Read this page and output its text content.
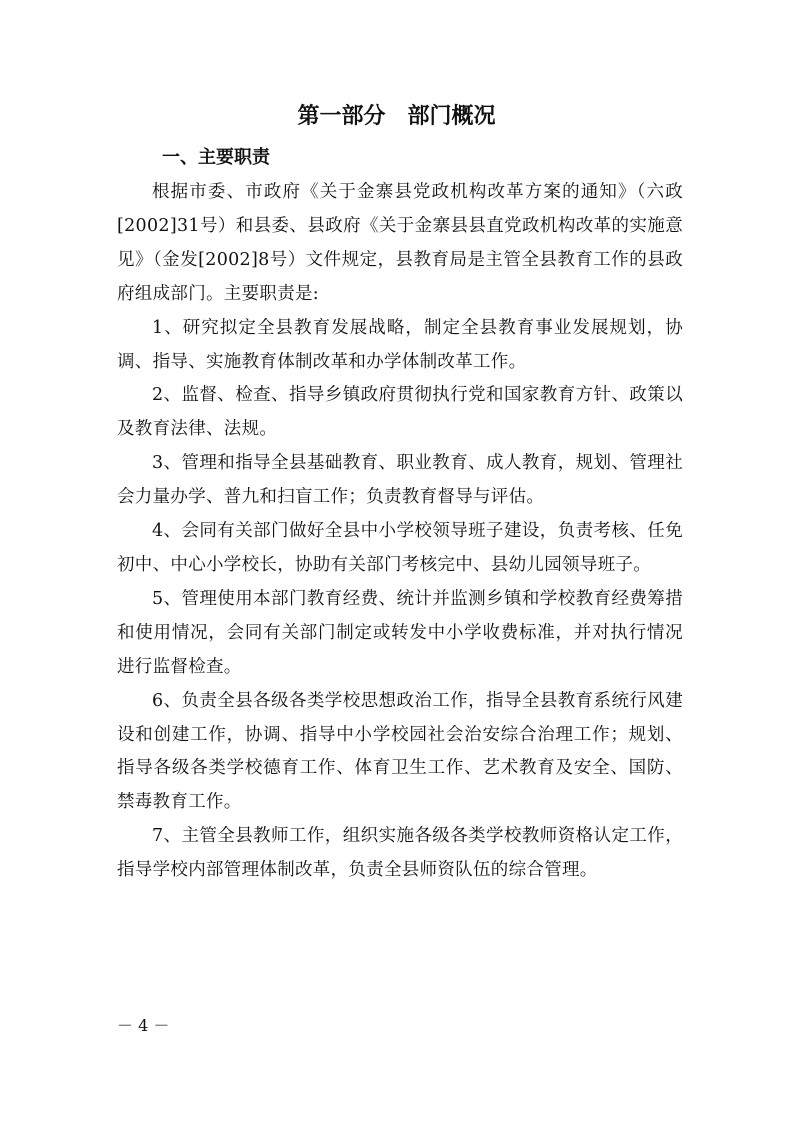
第一部分　部门概况
一、主要职责

根据市委、市政府《关于金寨县党政机构改革方案的通知》（六政[2002]31号）和县委、县政府《关于金寨县县直党政机构改革的实施意见》（金发[2002]8号）文件规定，县教育局是主管全县教育工作的县政府组成部门。主要职责是:

1、研究拟定全县教育发展战略，制定全县教育事业发展规划，协调、指导、实施教育体制改革和办学体制改革工作。

2、监督、检查、指导乡镇政府贯彻执行党和国家教育方针、政策以及教育法律、法规。

3、管理和指导全县基础教育、职业教育、成人教育，规划、管理社会力量办学、普九和扫盲工作；负责教育督导与评估。

4、会同有关部门做好全县中小学校领导班子建设，负责考核、任免初中、中心小学校长，协助有关部门考核完中、县幼儿园领导班子。

5、管理使用本部门教育经费、统计并监测乡镇和学校教育经费筹措和使用情况，会同有关部门制定或转发中小学收费标准，并对执行情况进行监督检查。

6、负责全县各级各类学校思想政治工作，指导全县教育系统行风建设和创建工作，协调、指导中小学校园社会治安综合治理工作；规划、指导各级各类学校德育工作、体育卫生工作、艺术教育及安全、国防、禁毒教育工作。

7、主管全县教师工作，组织实施各级各类学校教师资格认定工作，指导学校内部管理体制改革，负责全县师资队伍的综合管理。

－ 4 －
